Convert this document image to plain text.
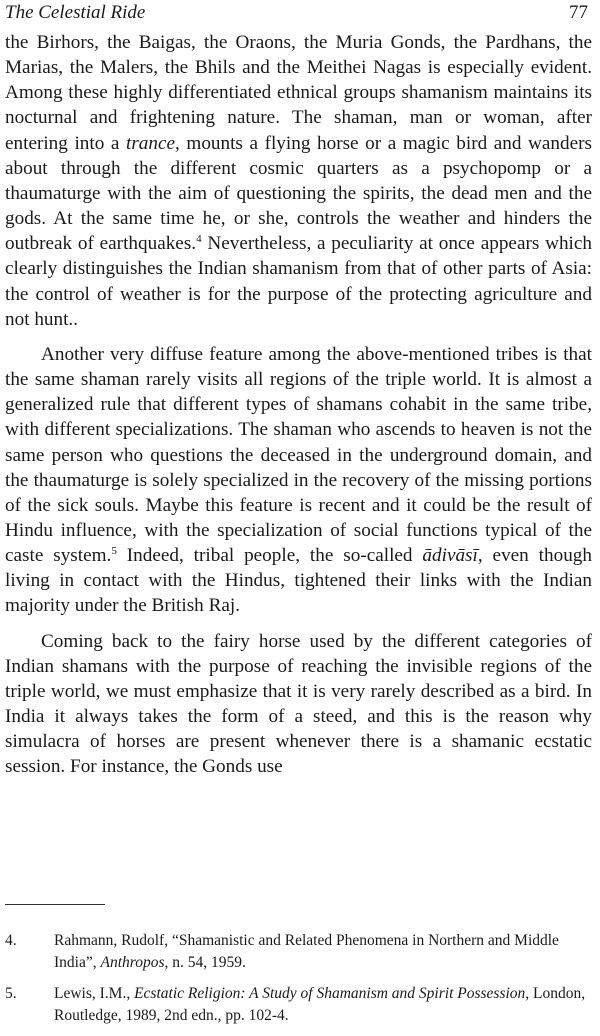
The Celestial Ride	77

the Birhors, the Baigas, the Oraons, the Muria Gonds, the Pardhans, the Marias, the Malers, the Bhils and the Meithei Nagas is especially evident. Among these highly differentiated ethnical groups shamanism maintains its nocturnal and frightening nature. The shaman, man or woman, after entering into a trance, mounts a flying horse or a magic bird and wanders about through the different cosmic quarters as a psychopomp or a thaumaturge with the aim of questioning the spirits, the dead men and the gods. At the same time he, or she, controls the weather and hinders the outbreak of earthquakes.$^4$ Nevertheless, a peculiarity at once appears which clearly distinguishes the Indian shamanism from that of other parts of Asia: the control of weather is for the purpose of the protecting agriculture and not hunt..

Another very diffuse feature among the above-mentioned tribes is that the same shaman rarely visits all regions of the triple world. It is almost a generalized rule that different types of shamans cohabit in the same tribe, with different specializations. The shaman who ascends to heaven is not the same person who questions the deceased in the underground domain, and the thaumaturge is solely specialized in the recovery of the missing portions of the sick souls. Maybe this feature is recent and it could be the result of Hindu influence, with the specialization of social functions typical of the caste system.$^5$ Indeed, tribal people, the so-called ādivāsī, even though living in contact with the Hindus, tightened their links with the Indian majority under the British Raj.

Coming back to the fairy horse used by the different categories of Indian shamans with the purpose of reaching the invisible regions of the triple world, we must emphasize that it is very rarely described as a bird. In India it always takes the form of a steed, and this is the reason why simulacra of horses are present whenever there is a shamanic ecstatic session. For instance, the Gonds use

4.	Rahmann, Rudolf, “Shamanistic and Related Phenomena in Northern and Middle India”, Anthropos, n. 54, 1959.
5.	Lewis, I.M., Ecstatic Religion: A Study of Shamanism and Spirit Possession, London, Routledge, 1989, 2nd edn., pp. 102-4.
